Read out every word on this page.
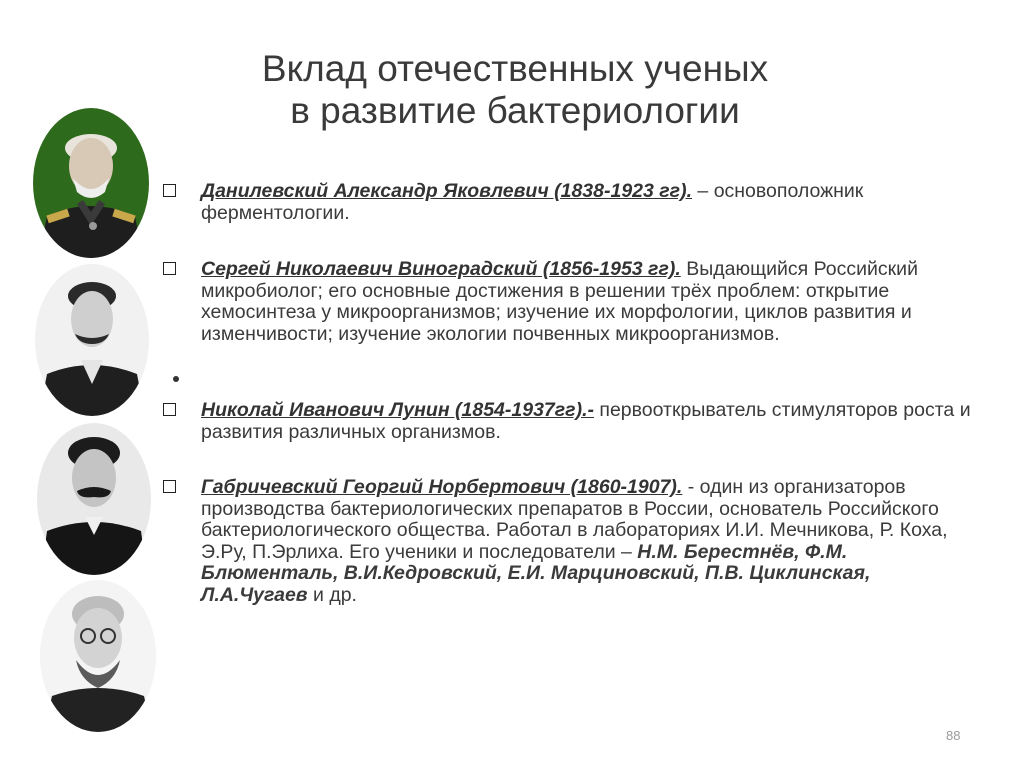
Вклад отечественных ученых
в развитие бактериологии
Данилевский Александр Яковлевич (1838-1923 гг). – основоположник ферментологии.
Сергей Николаевич Виноградский (1856-1953 гг). Выдающийся Российский микробиолог; его основные достижения в решении трёх проблем: открытие хемосинтеза у микроорганизмов; изучение их морфологии, циклов развития и изменчивости; изучение экологии почвенных микроорганизмов.
Николай Иванович Лунин (1854-1937гг).- первооткрыватель стимуляторов роста и развития различных организмов.
Габричевский Георгий Норбертович (1860-1907). - один из организаторов производства бактериологических препаратов в России, основатель Российского бактериологического общества. Работал в лабораториях И.И. Мечникова, Р. Коха, Э.Ру, П.Эрлиха. Его ученики и последователи – Н.М. Берестнёв, Ф.М. Блюменталь, В.И.Кедровский, Е.И. Марциновский, П.В. Циклинская, Л.А.Чугаев и др.
88
